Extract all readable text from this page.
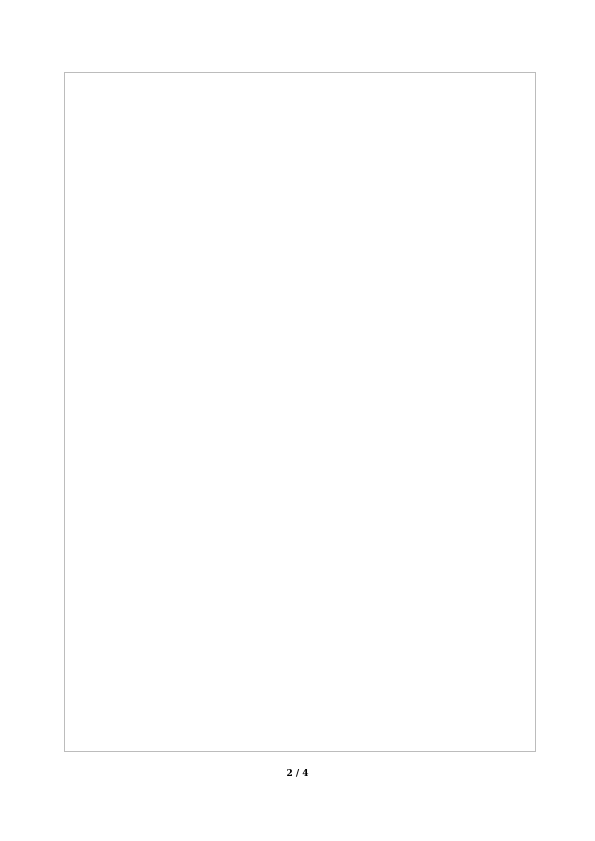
2 / 4
